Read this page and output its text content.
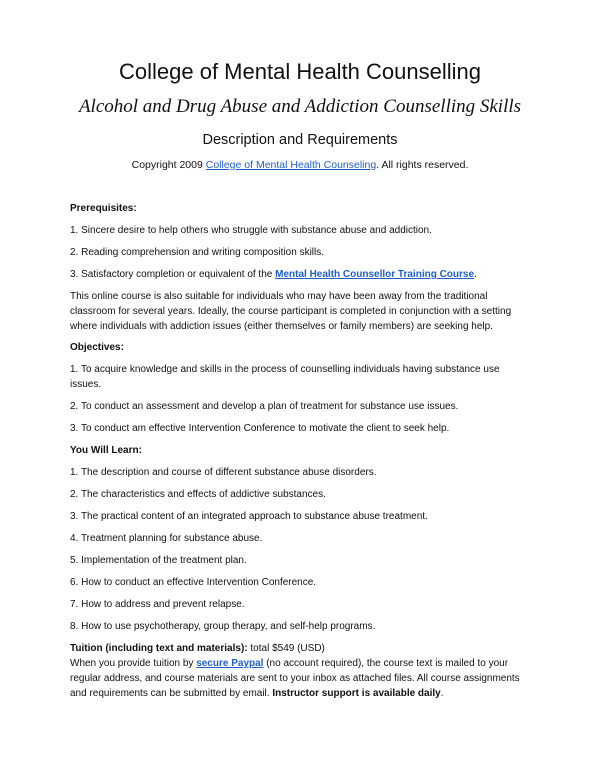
College of Mental Health Counselling
Alcohol and Drug Abuse and Addiction Counselling Skills
Description and Requirements
Copyright 2009 College of Mental Health Counseling. All rights reserved.

Prerequisites:

1. Sincere desire to help others who struggle with substance abuse and addiction.

2. Reading comprehension and writing composition skills.

3. Satisfactory completion or equivalent of the Mental Health Counsellor Training Course.

This online course is also suitable for individuals who may have been away from the traditional classroom for several years. Ideally, the course participant is completed in conjunction with a setting where individuals with addiction issues (either themselves or family members) are seeking help.

Objectives:

1. To acquire knowledge and skills in the process of counselling individuals having substance use issues.

2. To conduct an assessment and develop a plan of treatment for substance use issues.

3. To conduct am effective Intervention Conference to motivate the client to seek help.

You Will Learn:

1. The description and course of different substance abuse disorders.

2. The characteristics and effects of addictive substances.

3. The practical content of an integrated approach to substance abuse treatment.

4. Treatment planning for substance abuse.

5. Implementation of the treatment plan.

6. How to conduct an effective Intervention Conference.

7. How to address and prevent relapse.

8. How to use psychotherapy, group therapy, and self-help programs.

Tuition (including text and materials): total $549 (USD)

When you provide tuition by secure Paypal (no account required), the course text is mailed to your regular address, and course materials are sent to your inbox as attached files. All course assignments and requirements can be submitted by email. Instructor support is available daily.
